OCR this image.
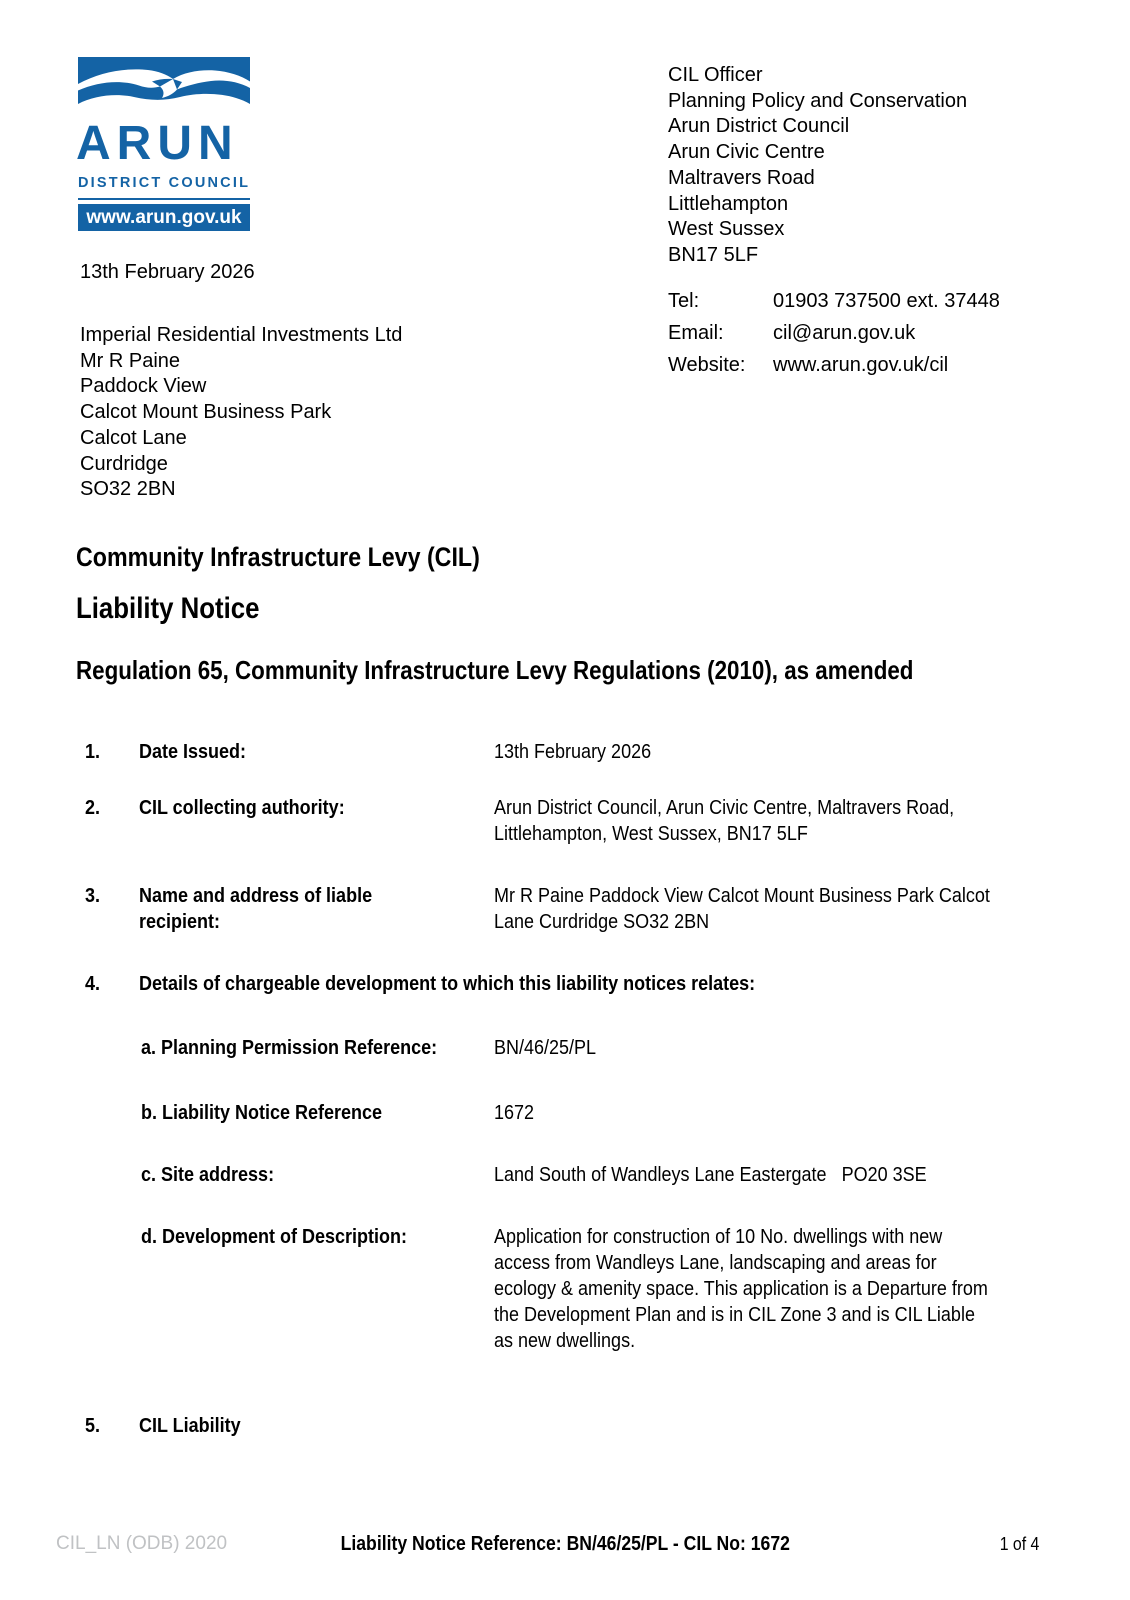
ARUN
DISTRICT COUNCIL
www.arun.gov.uk
CIL Officer
Planning Policy and Conservation
Arun District Council
Arun Civic Centre
Maltravers Road
Littlehampton
West Sussex
BN17 5LF
Tel:	01903 737500 ext. 37448
Email: cil@arun.gov.uk
Website: www.arun.gov.uk/cil
13th February 2026
Imperial Residential Investments Ltd
Mr R Paine
Paddock View
Calcot Mount Business Park
Calcot Lane
Curdridge
SO32 2BN
Community Infrastructure Levy (CIL)
Liability Notice
Regulation 65, Community Infrastructure Levy Regulations (2010), as amended
1. Date Issued:	13th February 2026
2. CIL collecting authority:	Arun District Council, Arun Civic Centre, Maltravers Road,
Littlehampton, West Sussex, BN17 5LF
3. Name and address of liable
recipient:
Mr R Paine Paddock View Calcot Mount Business Park Calcot
Lane Curdridge SO32 2BN
4. Details of chargeable development to which this liability notices relates:
a. Planning Permission Reference:	BN/46/25/PL
b. Liability Notice Reference	1672
c. Site address:	Land South of Wandleys Lane Eastergate   PO20 3SE
d. Development of Description:	Application for construction of 10 No. dwellings with new
access from Wandleys Lane, landscaping and areas for
ecology & amenity space. This application is a Departure from
the Development Plan and is in CIL Zone 3 and is CIL Liable
as new dwellings.
5. CIL Liability
CIL_LN (ODB) 2020	Liability Notice Reference: BN/46/25/PL - CIL No: 1672	1 of 4
